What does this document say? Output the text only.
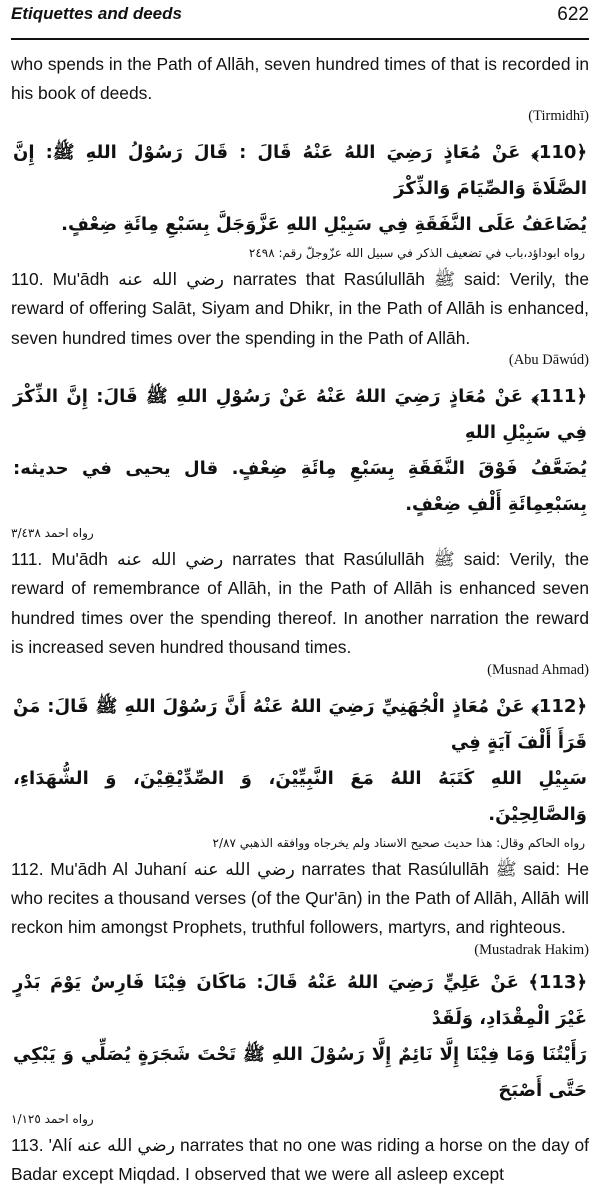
Etiquettes and deeds	622

who spends in the Path of Allāh, seven hundred times of that is recorded in his book of deeds.

(Tirmidhī)

﴿110﴾ عَنْ مُعَاذٍ رَضِيَ اللهُ عَنْهُ قَالَ : قَالَ رَسُوْلُ اللهِ ﷺ: إِنَّ الصَّلَاةَ وَالصِّيَامَ وَالذِّكْرَ

يُضَاعَفُ عَلَى النَّفَقَةِ فِي سَبِيْلِ اللهِ عَزَّوَجَلَّ بِسَبْعِ مِائَةِ ضِعْفٍ.

رواه ابوداؤد،باب في تضعيف الذكر في سبيل الله عزّوجلّ رقم: ٢٤٩٨

110. Mu'ādh رضي الله عنه narrates that Rasúlullāh ﷺ said: Verily, the reward of offering Salāt, Siyam and Dhikr, in the Path of Allāh is enhanced, seven hundred times over the spending in the Path of Allāh.

(Abu Dāwúd)

﴿111﴾ عَنْ مُعَاذٍ رَضِيَ اللهُ عَنْهُ عَنْ رَسُوْلِ اللهِ ﷺ قَالَ: إِنَّ الذِّكْرَ فِي سَبِيْلِ اللهِ

يُضَعَّفُ فَوْقَ النَّفَقَةِ بِسَبْعِ مِائَةِ ضِعْفٍ. قال يحيى في حديثه: بِسَبْعِمِائَةِ أَلْفِ ضِعْفٍ.

رواه احمد ٣/٤٣٨

111. Mu'ādh رضي الله عنه narrates that Rasúlullāh ﷺ said: Verily, the reward of remembrance of Allāh, in the Path of Allāh is enhanced seven hundred times over the spending thereof. In another narration the reward is increased seven hundred thousand times.

(Musnad Ahmad)

﴿112﴾ عَنْ مُعَاذٍ الْجُهَنِيِّ رَضِيَ اللهُ عَنْهُ أَنَّ رَسُوْلَ اللهِ ﷺ قَالَ: مَنْ قَرَأَ أَلْفَ آيَةٍ فِي

سَبِيْلِ اللهِ كَتَبَهُ اللهُ مَعَ النَّبِيِّيْنَ، وَ الصِّدِّيْقِيْنَ، وَ الشُّهَدَاءِ، وَالصَّالِحِيْنَ.

رواه الحاكم وقال: هذا حديث صحيح الاسناد ولم يخرجاه ووافقه الذهبي ٢/٨٧

112. Mu'ādh Al Juhaní رضي الله عنه narrates that Rasúlullāh ﷺ said: He who recites a thousand verses (of the Qur'ān) in the Path of Allāh, Allāh will reckon him amongst Prophets, truthful followers, martyrs, and righteous.

(Mustadrak Hakim)

﴿113﴾ عَنْ عَلِيٍّ رَضِيَ اللهُ عَنْهُ قَالَ: مَاكَانَ فِيْنَا فَارِسٌ يَوْمَ بَدْرٍ غَيْرَ الْمِقْدَادِ، وَلَقَدْ

رَأَيْتُنَا وَمَا فِيْنَا إِلَّا نَائِمٌ إِلَّا رَسُوْلَ اللهِ ﷺ تَحْتَ شَجَرَةٍ يُصَلِّي وَ يَبْكِي حَتَّى أَصْبَحَ

رواه احمد ١/١٢٥

113. 'Alí رضي الله عنه narrates that no one was riding a horse on the day of Badar except Miqdad. I observed that we were all asleep except
